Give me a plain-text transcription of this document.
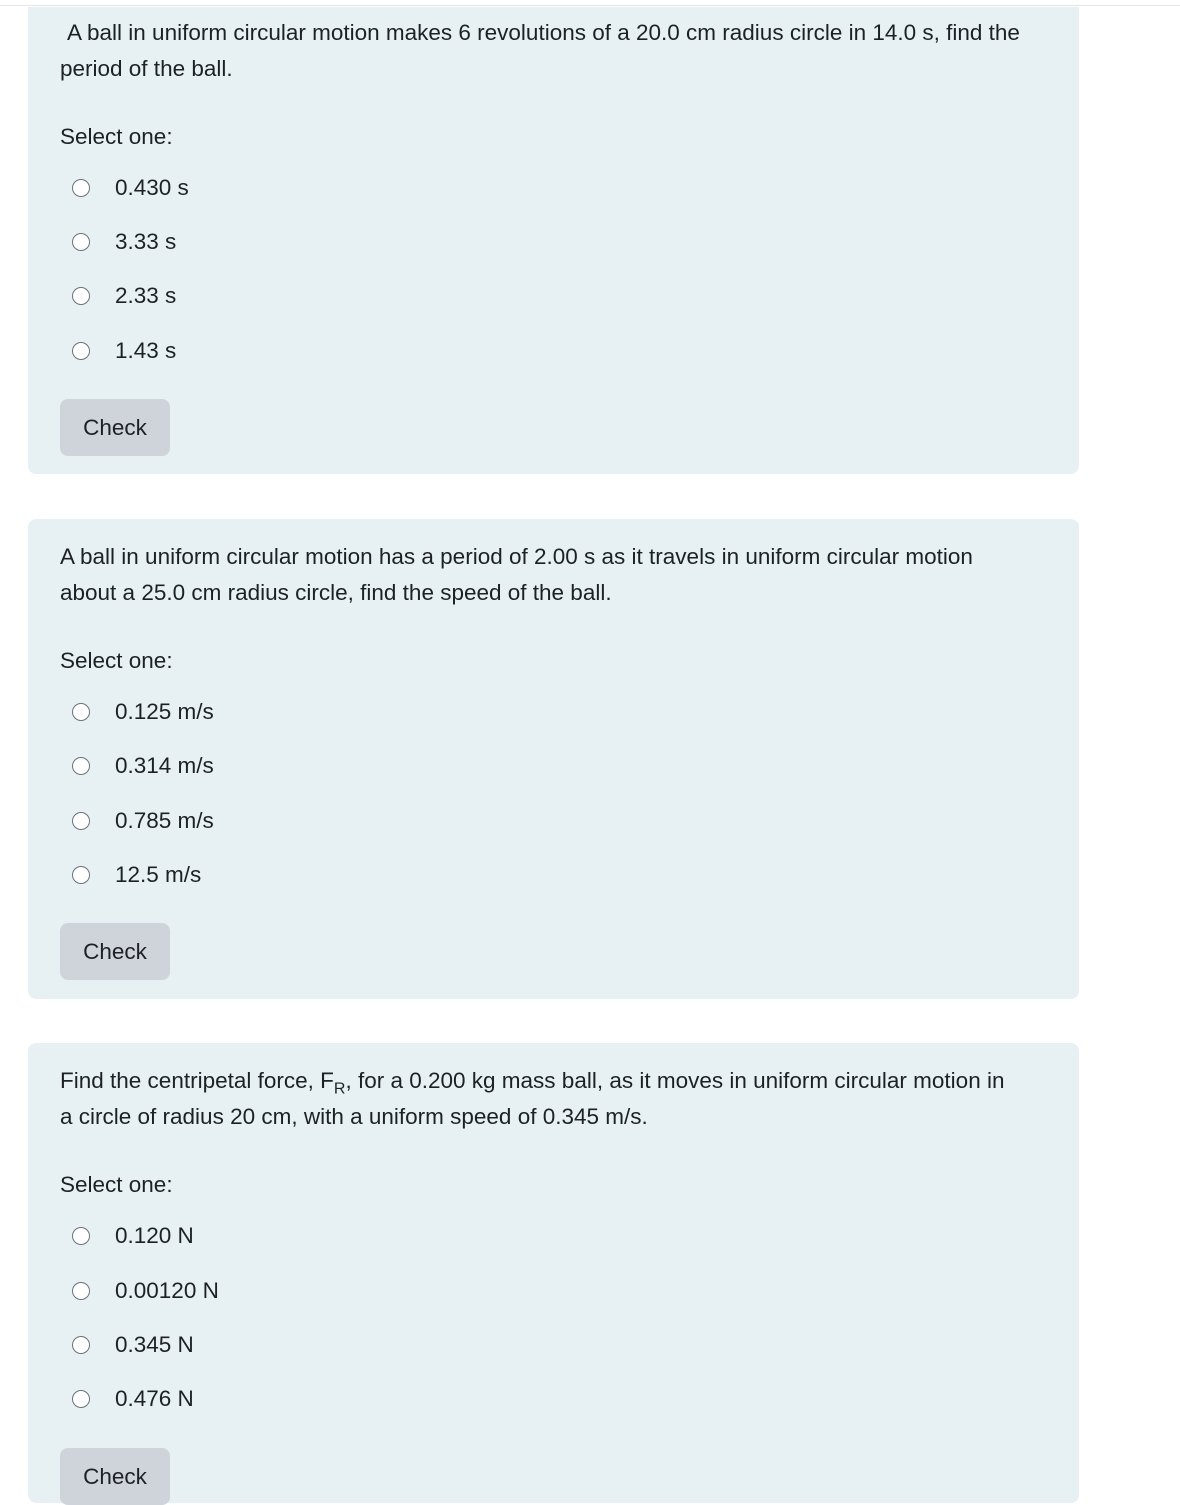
A ball in uniform circular motion makes 6 revolutions of a 20.0 cm radius circle in 14.0 s, find the period of the ball.

Select one:
0.430 s
3.33 s
2.33 s
1.43 s
Check

A ball in uniform circular motion has a period of 2.00 s as it travels in uniform circular motion about a 25.0 cm radius circle, find the speed of the ball.

Select one:
0.125 m/s
0.314 m/s
0.785 m/s
12.5 m/s
Check

Find the centripetal force, $F_R$, for a 0.200 kg mass ball, as it moves in uniform circular motion in a circle of radius 20 cm, with a uniform speed of 0.345 m/s.

Select one:
0.120 N
0.00120 N
0.345 N
0.476 N
Check
